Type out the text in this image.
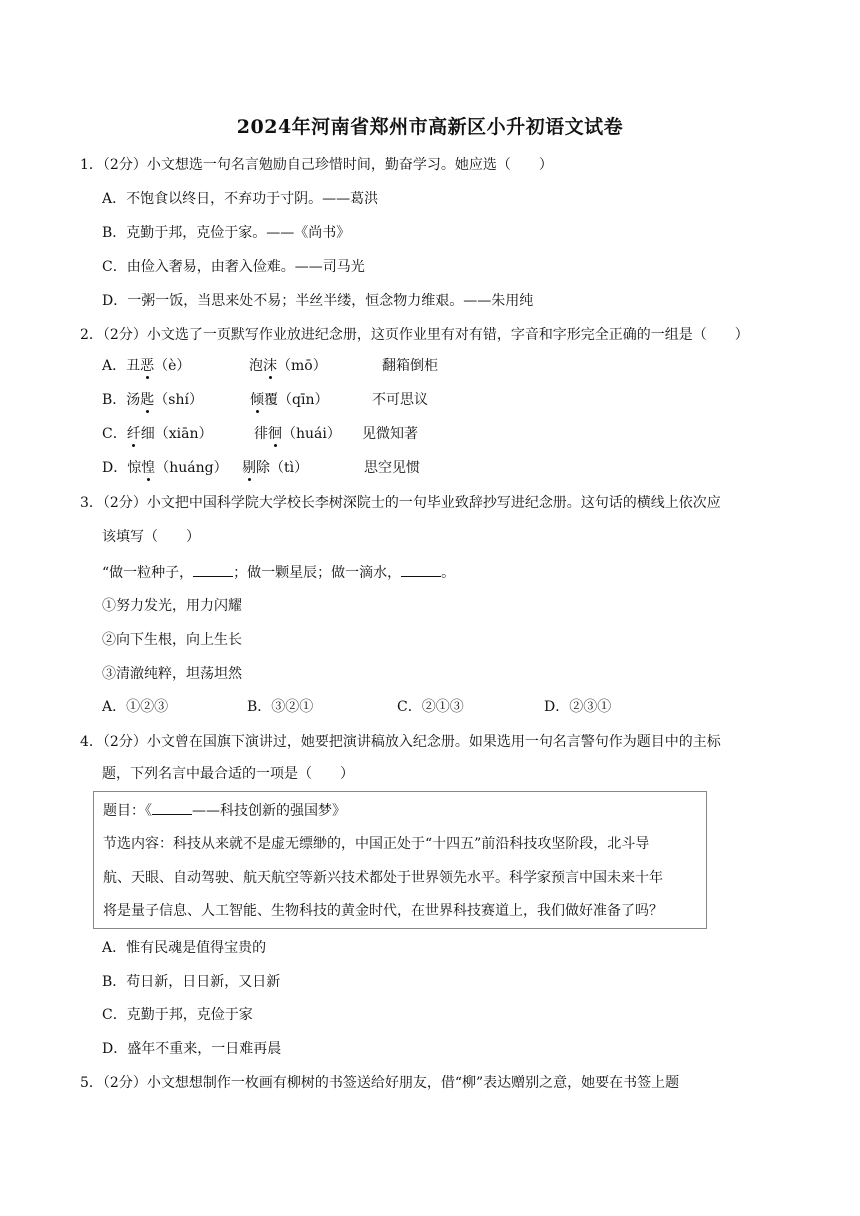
2024年河南省郑州市高新区小升初语文试卷
1．（2分）小文想选一句名言勉励自己珍惜时间，勤奋学习。她应选（　　）
A．不饱食以终日，不弃功于寸阴。——葛洪
B．克勤于邦，克俭于家。——《尚书》
C．由俭入奢易，由奢入俭难。——司马光
D．一粥一饭，当思来处不易；半丝半缕，恒念物力维艰。——朱用纯
2．（2分）小文选了一页默写作业放进纪念册，这页作业里有对有错，字音和字形完全正确的一组是（　　）
A．丑恶（è）	泡沫（mō）	翻箱倒柜
B．汤匙（shí）	倾覆（qīn）	不可思议
C．纤细（xiān）	徘徊（huái） 见微知著
D．惊惶（huáng） 剔除（tì）	思空见惯
3．（2分）小文把中国科学院大学校长李树深院士的一句毕业致辞抄写进纪念册。这句话的横线上依次应
该填写（　　）
“做一粒种子，	；做一颗星辰；做一滴水，	。
①努力发光，用力闪耀
②向下生根，向上生长
③清澈纯粹，坦荡坦然
A．①②③	B．③②①	C．②①③	D．②③①
4．（2分）小文曾在国旗下演讲过，她要把演讲稿放入纪念册。如果选用一句名言警句作为题目中的主标
题，下列名言中最合适的一项是（　　）
题目：《	——科技创新的强国梦》
节选内容：科技从来就不是虚无缥缈的，中国正处于“十四五”前沿科技攻坚阶段，北斗导
航、天眼、自动驾驶、航天航空等新兴技术都处于世界领先水平。科学家预言中国未来十年
将是量子信息、人工智能、生物科技的黄金时代，在世界科技赛道上，我们做好准备了吗？
A．惟有民魂是值得宝贵的
B．苟日新，日日新，又日新
C．克勤于邦，克俭于家
D．盛年不重来，一日难再晨
5．（2分）小文想想制作一枚画有柳树的书签送给好朋友，借“柳”表达赠别之意，她要在书签上题
